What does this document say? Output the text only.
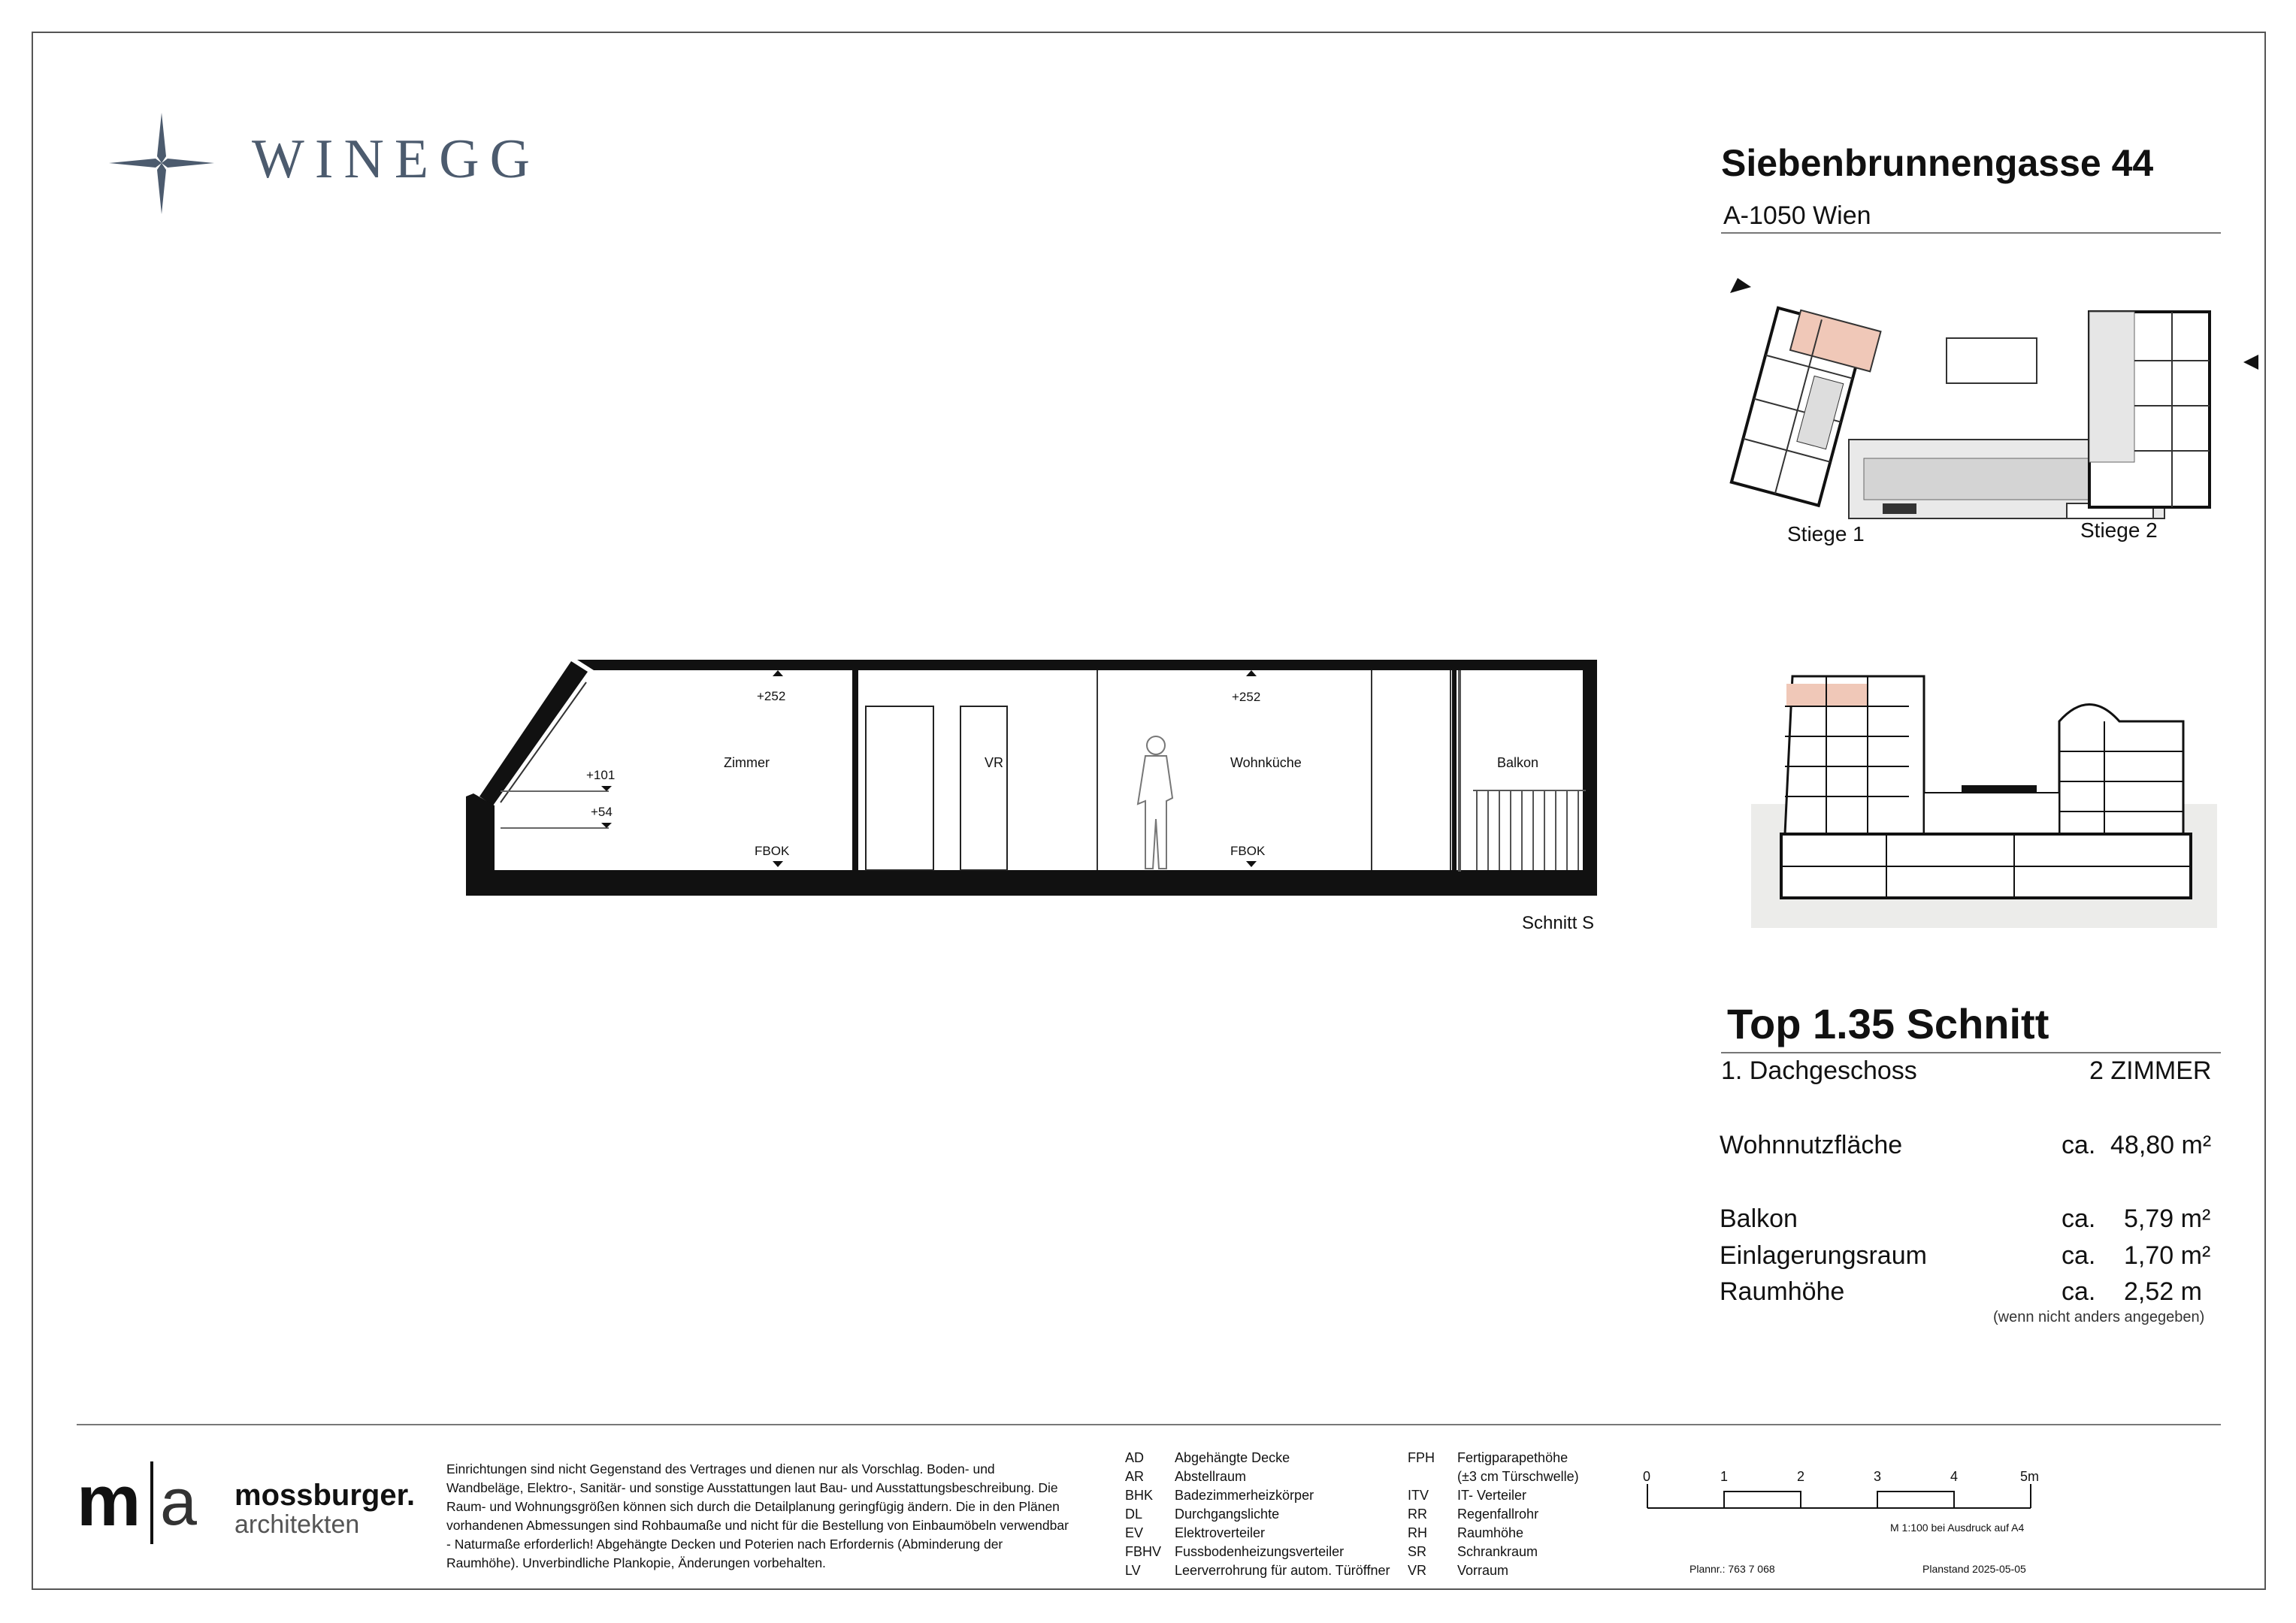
WINEGG	Siebenbrunnengasse 44
A-1050 Wien
Stiege 1	Stiege 2
Zimmer	VR	Wohnküche	Balkon
+252	+252
+101
+54
FBOK	FBOK
Schnitt S
Top 1.35 Schnitt
1. Dachgeschoss	2 ZIMMER
Wohnnutzfläche	ca. 48,80 m²
Balkon	ca. 5,79 m²
Einlagerungsraum	ca. 1,70 m²
Raumhöhe	ca. 2,52 m
(wenn nicht anders angegeben)
m a mossburger.
architekten
Einrichtungen sind nicht Gegenstand des Vertrages und dienen nur als Vorschlag. Boden- und Wandbeläge, Elektro-, Sanitär- und sonstige Ausstattungen laut Bau- und Ausstattungsbeschreibung. Die Raum- und Wohnungsgrößen können sich durch die Detailplanung geringfügig ändern. Die in den Plänen vorhandenen Abmessungen sind Rohbaumaße und nicht für die Bestellung von Einbaumöbeln verwendbar - Naturmaße erforderlich! Abgehängte Decken und Poterien nach Erfordernis (Abminderung der Raumhöhe). Unverbindliche Plankopie, Änderungen vorbehalten.
AD Abgehängte Decke
AR Abstellraum
BHK Badezimmerheizkörper
DL Durchgangslichte
EV Elektroverteiler
FBHV Fussbodenheizungsverteiler
LV	Leerverrohrung für autom. Türöffner
FPH Fertigparapethöhe
(±3 cm Türschwelle)
ITV IT- Verteiler
RR Regenfallrohr
RH Raumhöhe
SR Schrankraum
VR Vorraum
0	1	2	3	4	5m
M 1:100 bei Ausdruck auf A4
Plannr.: 763 7 068	Planstand 2025-05-05
